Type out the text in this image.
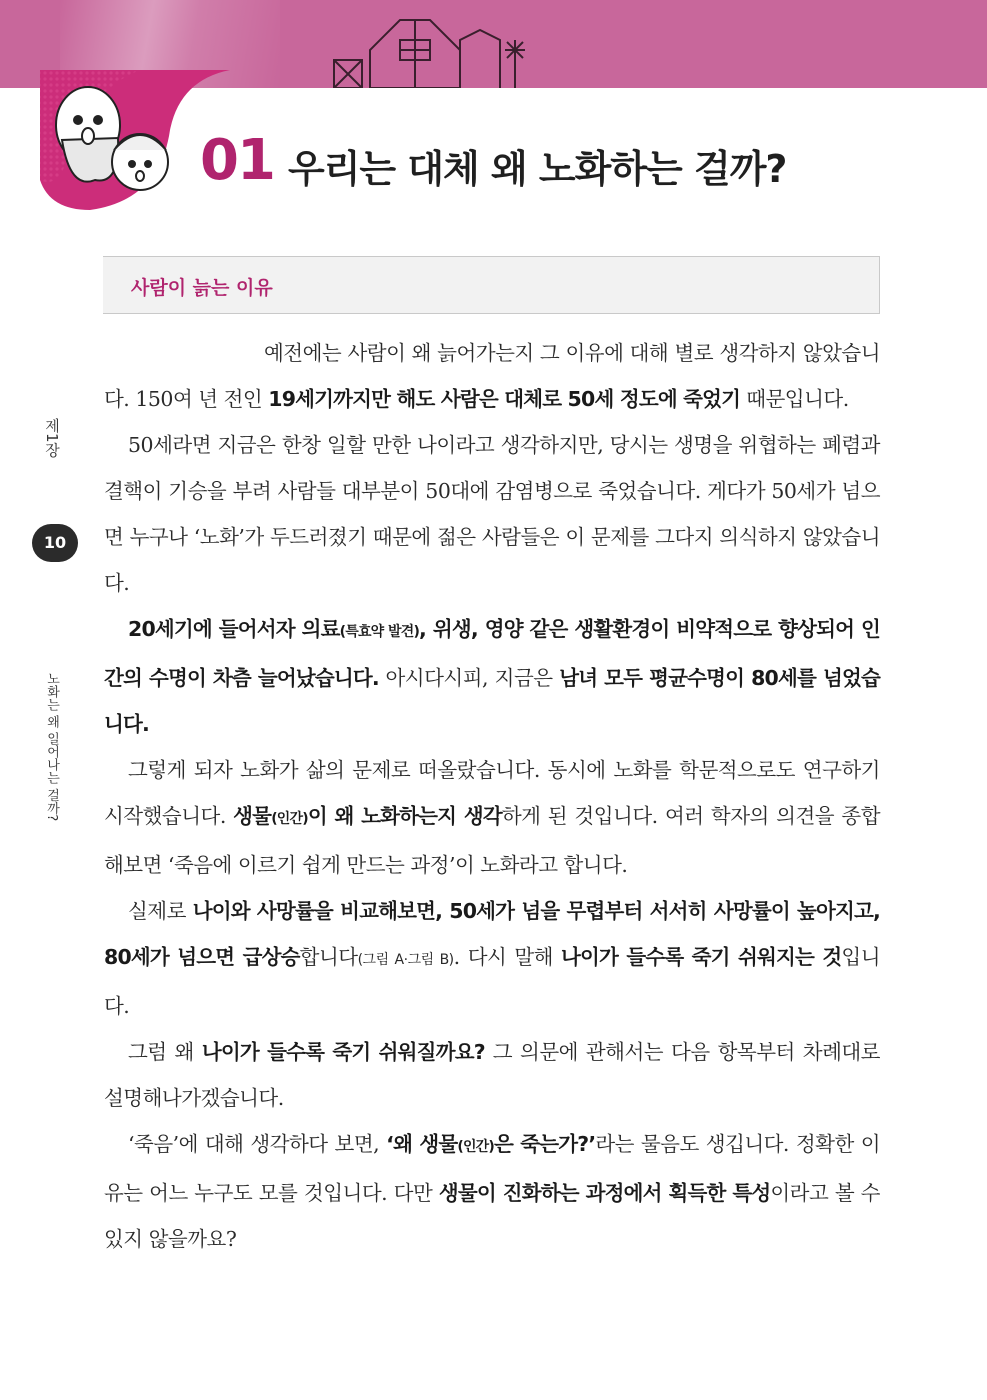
01 우리는 대체 왜 노화하는 걸까?
사람이 늙는 이유
제1장
10
노화는 왜 일어나는 걸까?

예전에는 사람이 왜 늙어가는지 그 이유에 대해 별로 생각하지 않았습니다. 150여 년 전인 19세기까지만 해도 사람은 대체로 50세 정도에 죽었기 때문입니다.

50세라면 지금은 한창 일할 만한 나이라고 생각하지만, 당시는 생명을 위협하는 폐렴과 결핵이 기승을 부려 사람들 대부분이 50대에 감염병으로 죽었습니다. 게다가 50세가 넘으면 누구나 ‘노화’가 두드러졌기 때문에 젊은 사람들은 이 문제를 그다지 의식하지 않았습니다.

20세기에 들어서자 의료(특효약 발견), 위생, 영양 같은 생활환경이 비약적으로 향상되어 인간의 수명이 차츰 늘어났습니다. 아시다시피, 지금은 남녀 모두 평균수명이 80세를 넘었습니다.

그렇게 되자 노화가 삶의 문제로 떠올랐습니다. 동시에 노화를 학문적으로도 연구하기 시작했습니다. 생물(인간)이 왜 노화하는지 생각하게 된 것입니다. 여러 학자의 의견을 종합해보면 ‘죽음에 이르기 쉽게 만드는 과정’이 노화라고 합니다.

실제로 나이와 사망률을 비교해보면, 50세가 넘을 무렵부터 서서히 사망률이 높아지고, 80세가 넘으면 급상승합니다(그림 A·그림 B). 다시 말해 나이가 들수록 죽기 쉬워지는 것입니다.

그럼 왜 나이가 들수록 죽기 쉬워질까요? 그 의문에 관해서는 다음 항목부터 차례대로 설명해나가겠습니다.

‘죽음’에 대해 생각하다 보면, ‘왜 생물(인간)은 죽는가?’라는 물음도 생깁니다. 정확한 이유는 어느 누구도 모를 것입니다. 다만 생물이 진화하는 과정에서 획득한 특성이라고 볼 수 있지 않을까요?
